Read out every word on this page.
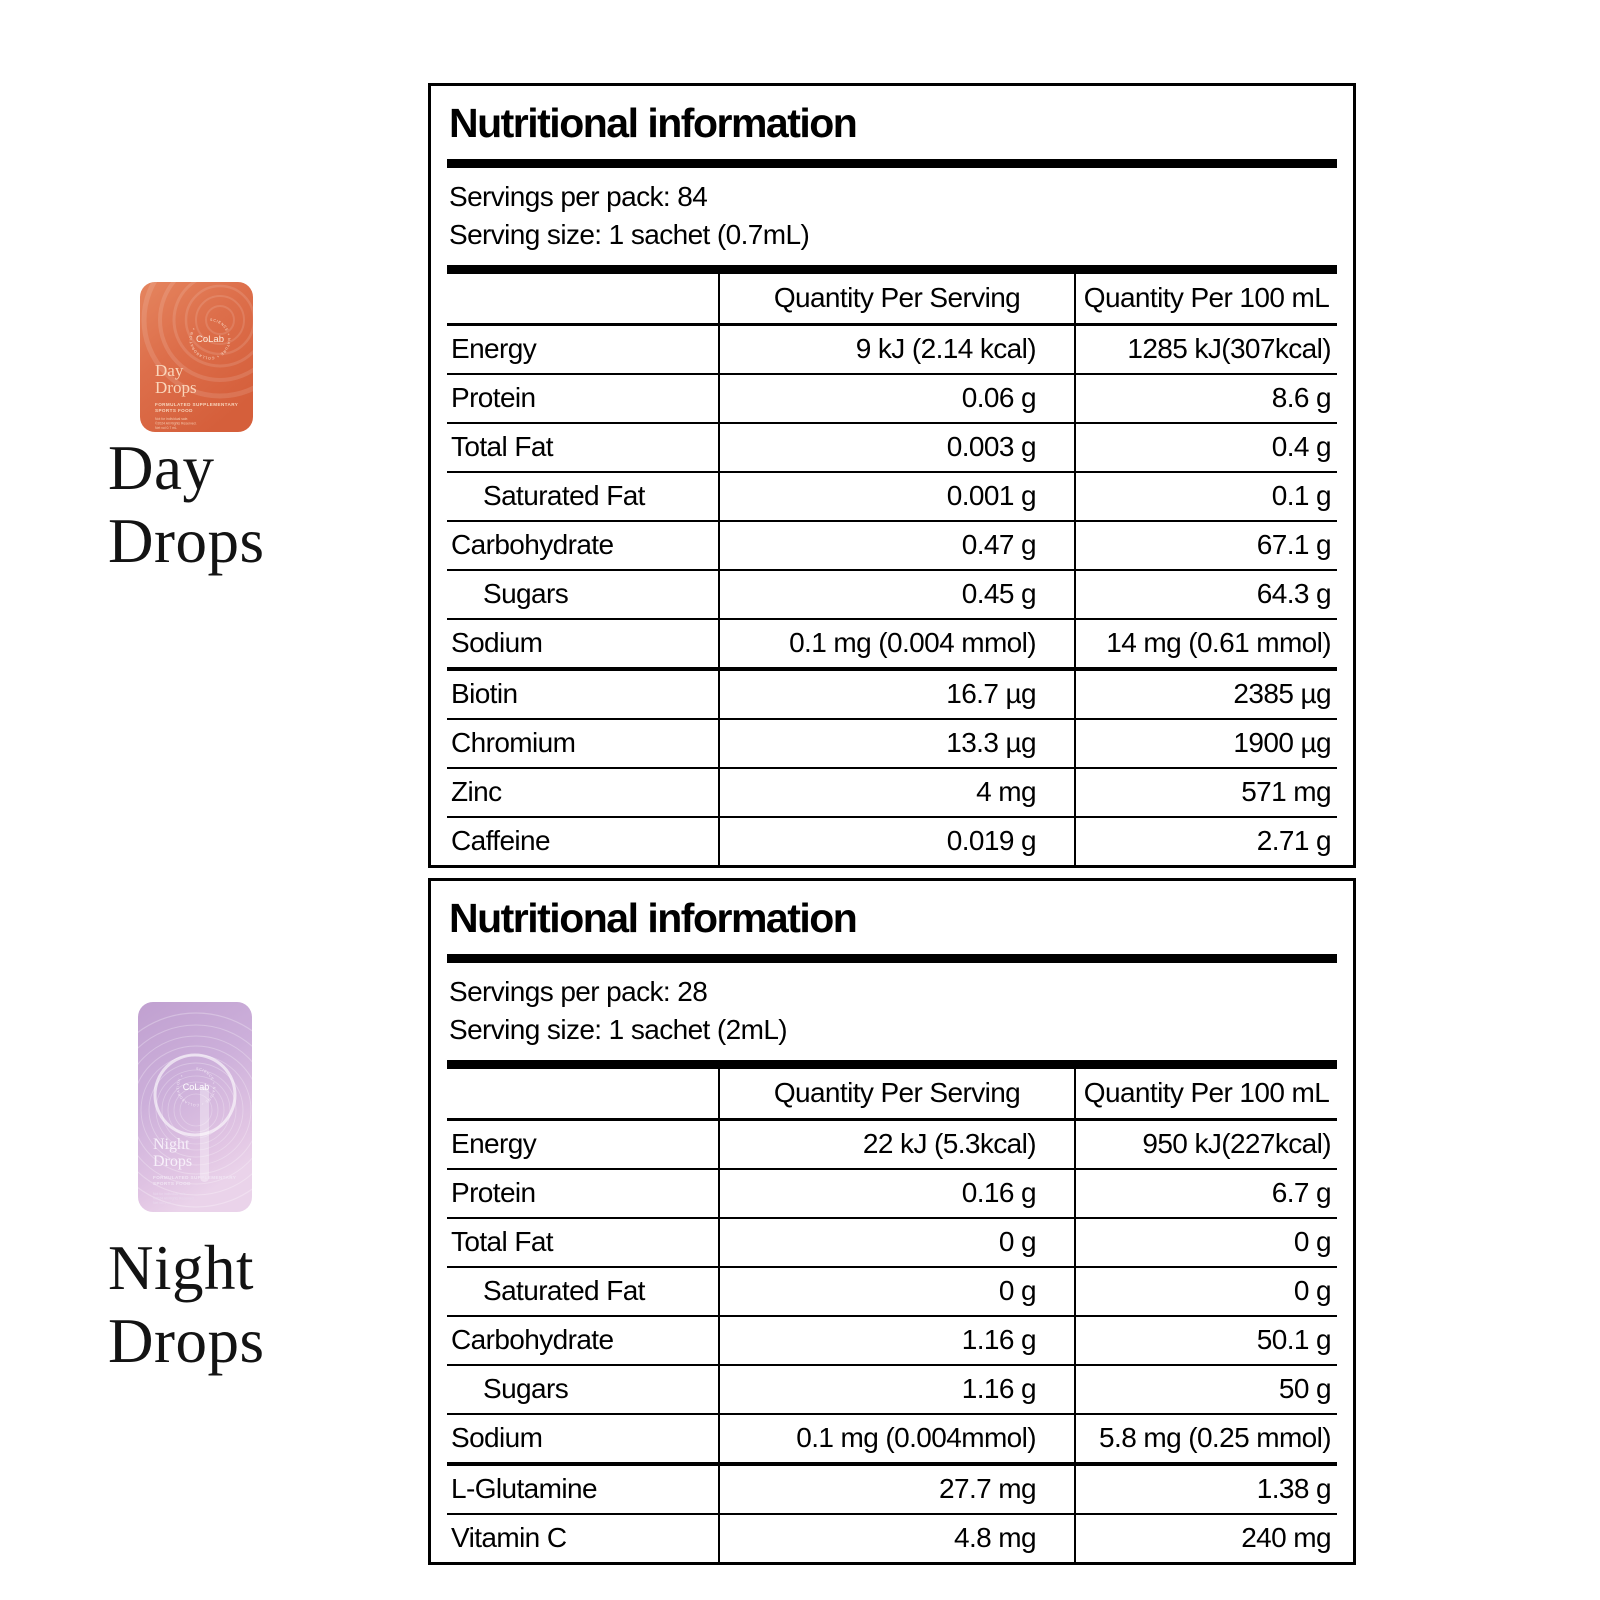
SCIENCE + NATURE + COLLABORATION +
CoLab
Day
Drops
FORMULATED SUPPLEMENTARY
SPORTS FOOD
Not for individual sale.
©2024 All Rights Reserved.
Net vol 0.7 mL
Day
Drops
Nutritional information
Servings per pack: 84
Serving size: 1 sachet (0.7mL)
	Quantity Per Serving	Quantity Per 100 mL
Energy	9 kJ (2.14 kcal)	1285 kJ(307kcal)
Protein	0.06 g	8.6 g
Total Fat	0.003 g	0.4 g
Saturated Fat	0.001 g	0.1 g
Carbohydrate	0.47 g	67.1 g
Sugars	0.45 g	64.3 g
Sodium	0.1 mg (0.004 mmol)	14 mg (0.61 mmol)
Biotin	16.7 µg	2385 µg
Chromium	13.3 µg	1900 µg
Zinc	4 mg	571 mg
Caffeine	0.019 g	2.71 g
SCIENCE + NATURE + COLLABORATION +
CoLab
Night
Drops
FORMULATED SUPPLEMENTARY
SPORTS FOOD
Not for individual sale.
©2024 All Rights Reserved.
Net vol 2 mL
Night
Drops
Nutritional information
Servings per pack: 28
Serving size: 1 sachet (2mL)
	Quantity Per Serving	Quantity Per 100 mL
Energy	22 kJ (5.3kcal)	950 kJ(227kcal)
Protein	0.16 g	6.7 g
Total Fat	0 g	0 g
Saturated Fat	0 g	0 g
Carbohydrate	1.16 g	50.1 g
Sugars	1.16 g	50 g
Sodium	0.1 mg (0.004mmol)	5.8 mg (0.25 mmol)
L-Glutamine	27.7 mg	1.38 g
Vitamin C	4.8 mg	240 mg
